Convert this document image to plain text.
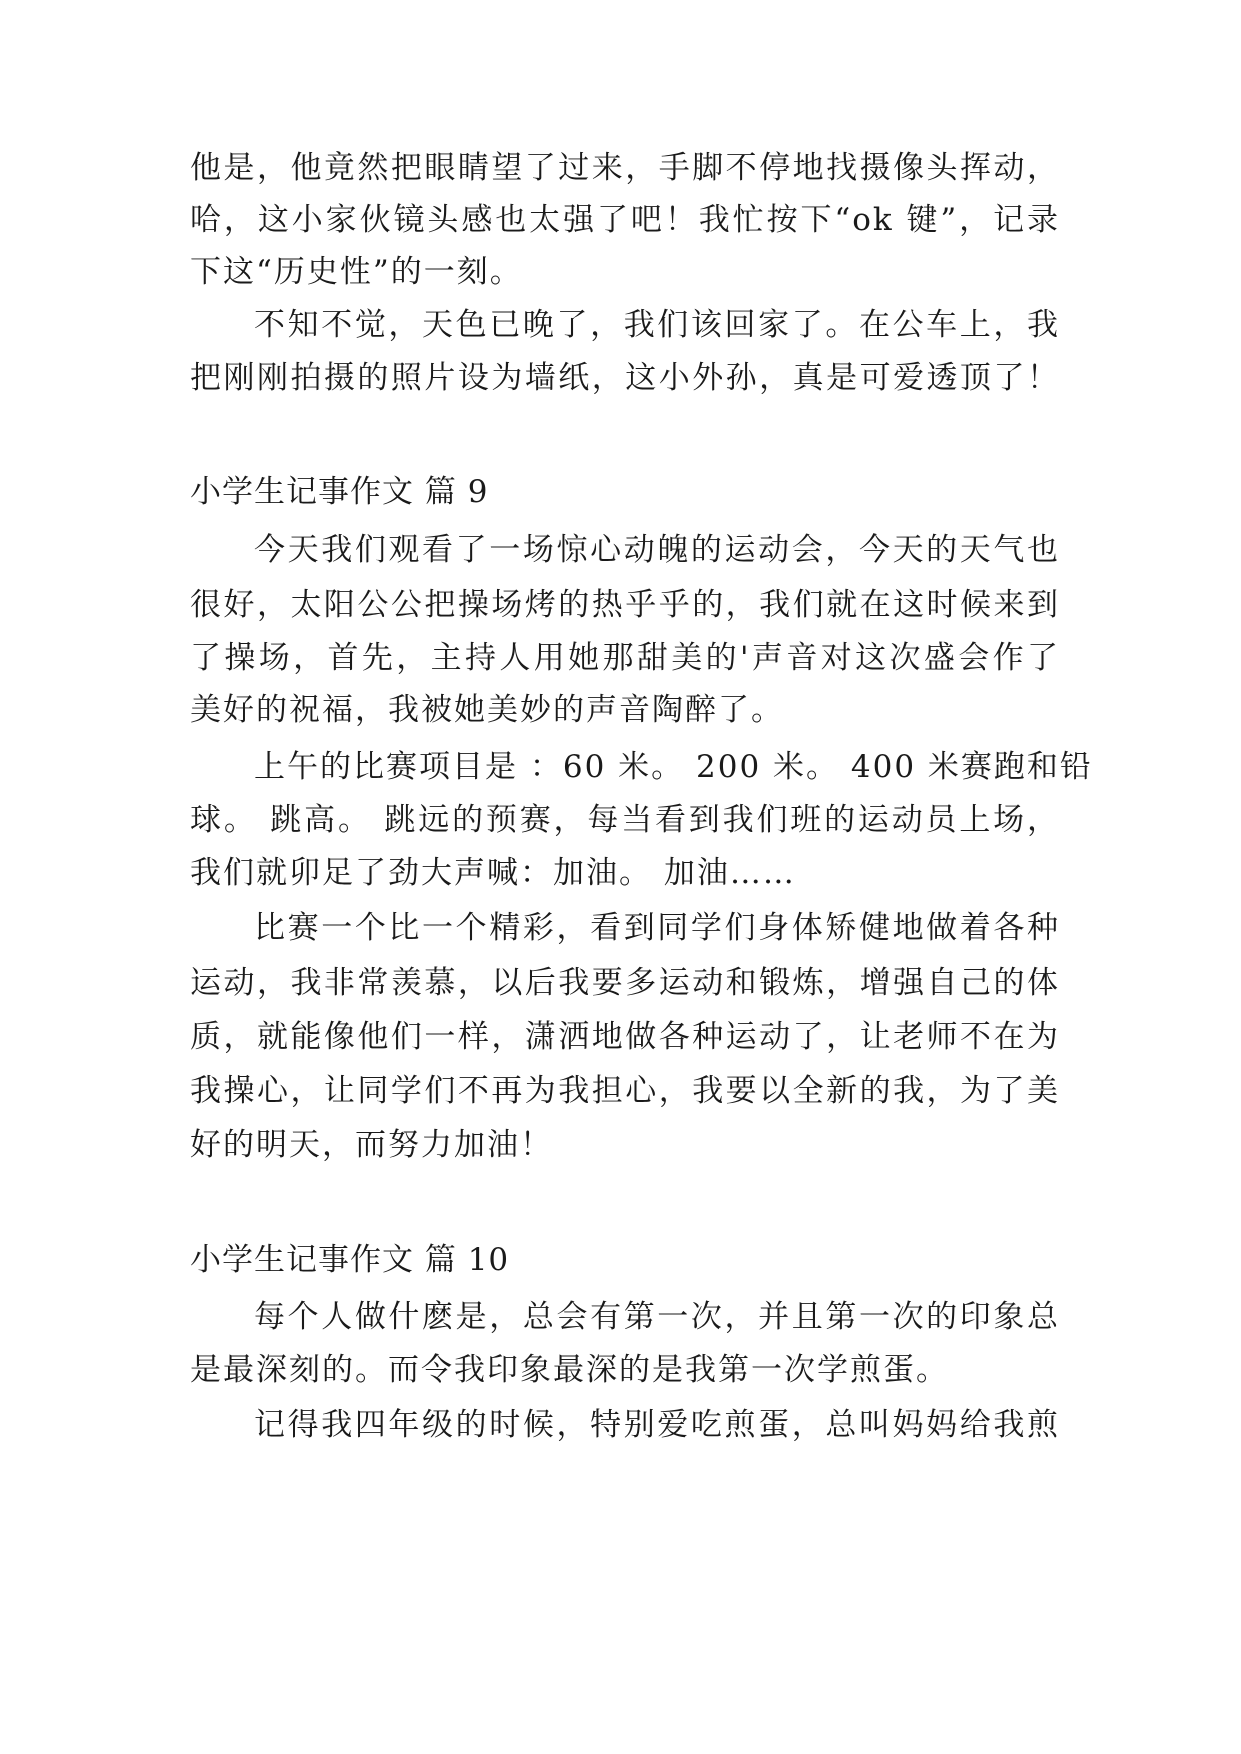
他是，他竟然把眼睛望了过来，手脚不停地找摄像头挥动，
哈，这小家伙镜头感也太强了吧！我忙按下“ok 键”，记录
下这“历史性”的一刻。
不知不觉，天色已晚了，我们该回家了。在公车上，我
把刚刚拍摄的照片设为墙纸，这小外孙，真是可爱透顶了！
小学生记事作文 篇 9
今天我们观看了一场惊心动魄的运动会，今天的天气也
很好，太阳公公把操场烤的热乎乎的，我们就在这时候来到
了操场，首先，主持人用她那甜美的'声音对这次盛会作了
美好的祝福，我被她美妙的声音陶醉了。
上午的比赛项目是 ：60 米。 200 米。 400 米赛跑和铅
球。 跳高。 跳远的预赛，每当看到我们班的运动员上场，
我们就卯足了劲大声喊：加油。 加油……
比赛一个比一个精彩，看到同学们身体矫健地做着各种
运动，我非常羡慕，以后我要多运动和锻炼，增强自己的体
质，就能像他们一样，潇洒地做各种运动了，让老师不在为
我操心，让同学们不再为我担心，我要以全新的我，为了美
好的明天，而努力加油！
小学生记事作文 篇 10
每个人做什麽是，总会有第一次，并且第一次的印象总
是最深刻的。而令我印象最深的是我第一次学煎蛋。
记得我四年级的时候，特别爱吃煎蛋，总叫妈妈给我煎
